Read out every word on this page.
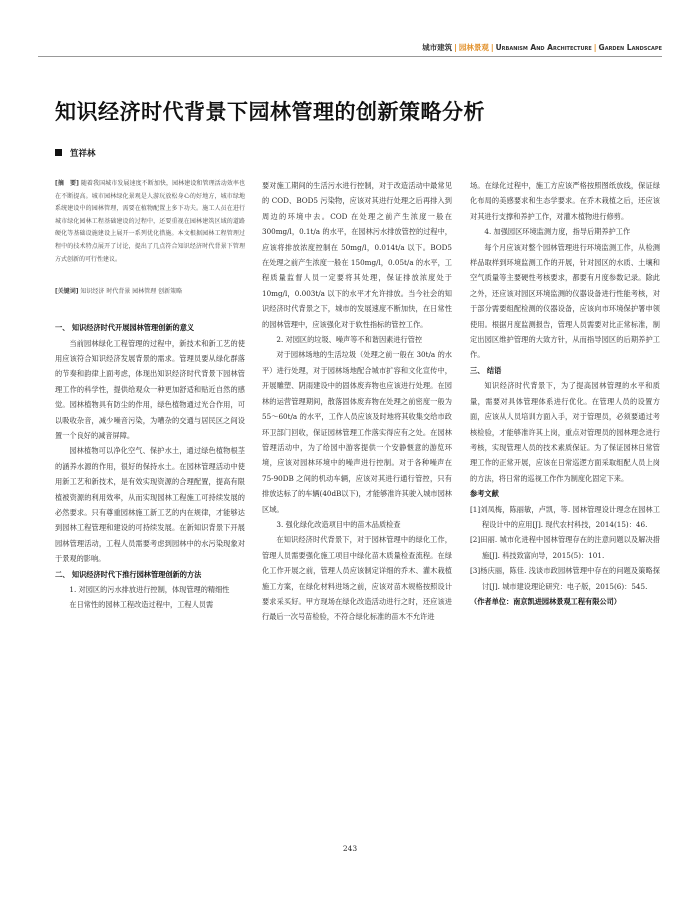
城市建筑 | 园林景观 | Urbanism And Architecture | Garden Landscape
知识经济时代背景下园林管理的创新策略分析
笪祥林
[摘　要] 随着我国城市发展速度不断加快，园林建设和管理活动效率也在不断提高。城市园林绿化景观是人游玩放松身心的好地方，城市绿地系统建设中的园林管理，需要在植物配置上多下功夫。施工人员在进行城市绿化园林工程基础建设的过程中，还要重视在园林建筑区域的道路硬化等基础设施建设上展开一系列优化措施。本文根据园林工程管理过程中的技术特点展开了讨论，提出了几点符合知识经济时代背景下管理方式创新的可行性建议。
[关键词] 知识经济 时代背景 园林管理 创新策略
一、 知识经济时代开展园林管理创新的意义

当前园林绿化工程管理的过程中，新技术和新工艺的使用应该符合知识经济发展背景的需求。管理员要从绿化群落的节奏和韵律上面考虑，体现出知识经济时代背景下园林管理工作的科学性，提供给观众一种更加舒适和贴近自然的感觉。园林植物具有防尘的作用，绿色植物通过光合作用，可以吸收杂音，减少噪音污染，为嘈杂的交通与居民区之间设置一个良好的减音屏障。

园林植物可以净化空气、保护水土，通过绿色植物根茎的涵养水源的作用，很好的保持水土。在园林管理活动中使用新工艺和新技术，是有效实现资源的合理配置，提高有限植被资源的利用效率，从而实现园林工程施工可持续发展的必然要求。只有尊重园林施工新工艺的内在规律，才能够达到园林工程管理和建设的可持续发展。在新知识背景下开展园林管理活动，工程人员需要考虑到园林中的水污染现象对于景观的影响。

二、 知识经济时代下推行园林管理创新的方法

1. 对园区的污水排放进行控制，体现管理的精细性

在日常性的园林工程改造过程中，工程人员需

要对施工期间的生活污水进行控制，对于改造活动中最常见的 COD、BOD5 污染物，应该对其进行处理之后再排入到周边的环境中去。COD 在处理之前产生浓度一般在 300mg/l，0.1t/a 的水平，在园林污水排放管控的过程中，应该将排放浓度控制在 50mg/l，0.014t/a 以下。BOD5 在处理之前产生浓度一般在 150mg/l，0.05t/a 的水平，工程质量监督人员一定要将其处理，保证排放浓度处于 10mg/l，0.003t/a 以下的水平才允许排放。当今社会的知识经济时代背景之下，城市的发展速度不断加快，在日常性的园林管理中，应该强化对于软性指标的管控工作。

2. 对园区的垃圾、噪声等不和谐因素进行管控

对于园林场地的生活垃圾（处理之前一般在 30t/a 的水平）进行处理，对于园林场地配合城市扩容和文化宣传中，开展雕塑、阴雨建设中的固体废弃物也应该进行处理。在园林的运营管理期间，散落固体废弃物在处理之前密度一般为 55～60t/a 的水平，工作人员应该及时地将其收集交给市政环卫部门回收，保证园林管理工作落实得应有之处。在园林管理活动中，为了给园中游客提供一个安静惬意的游览环境，应该对园林环境中的噪声进行控制。对于各种噪声在 75-90DB 之间的机动车辆，应该对其进行通行管控，只有排放达标了的车辆(40dB以下)，才能够准许其驶入城市园林区域。

3. 强化绿化改造项目中的苗木品质检查

在知识经济时代背景下，对于园林管理中的绿化工作，管理人员需要强化施工项目中绿化苗木质量检查流程。在绿化工作开展之前，管理人员应该制定详细的乔木、灌木栽植施工方案，在绿化材料进场之前，应该对苗木规格按照设计要求采买好。甲方现场在绿化改造活动进行之时，还应该进行最后一次号苗检验，不符合绿化标准的苗木不允许进

场。在绿化过程中，施工方应该严格按照图纸放线，保证绿化布局的美感要求和生态学要求。在乔木栽植之后，还应该对其进行支撑和养护工作，对灌木植物进行修剪。

4. 加强园区环境监测力度，指导后期养护工作

每个月应该对整个园林管理进行环境监测工作，从检测样品取样到环境监测工作的开展，针对园区的水质、土壤和空气质量等主要硬性考核要求，都要有月度参数记录。除此之外，还应该对园区环境监测的仪器设备进行性能考核，对于部分需要组配检测的仪器设备，应该向市环境保护署申领使用。根据月度监测报告，管理人员需要对比正常标准，制定出园区维护管理的大致方针，从而指导园区的后期养护工作。

三、 结语

知识经济时代背景下，为了提高园林管理的水平和质量，需要对具体管理体系进行优化。在管理人员的设置方面，应该从人员培训方面入手，对于管理员，必须要通过考核检验，才能够准许其上岗，重点对管理员的园林理念进行考核，实现管理人员的技术素质保证。为了保证园林日常管理工作的正常开展，应该在日常巡逻方面采取组配人员上岗的方法，将日常的巡视工作作为制度化固定下来。

参考文献

[1]刘凤梅，陈丽敏，卢凯，等. 园林管理设计理念在园林工程设计中的应用[J]. 现代农村科技，2014(15)：46.

[2]田丽. 城市化进程中园林管理存在的注意问题以及解决措施[J]. 科技致富向导，2015(5)：101.

[3]杨庆丽，陈佳. 浅谈市政园林管理中存在的问题及策略探讨[J]. 城市建设理论研究：电子版，2015(6)：545.

（作者单位：南京凯进园林景观工程有限公司）
243
